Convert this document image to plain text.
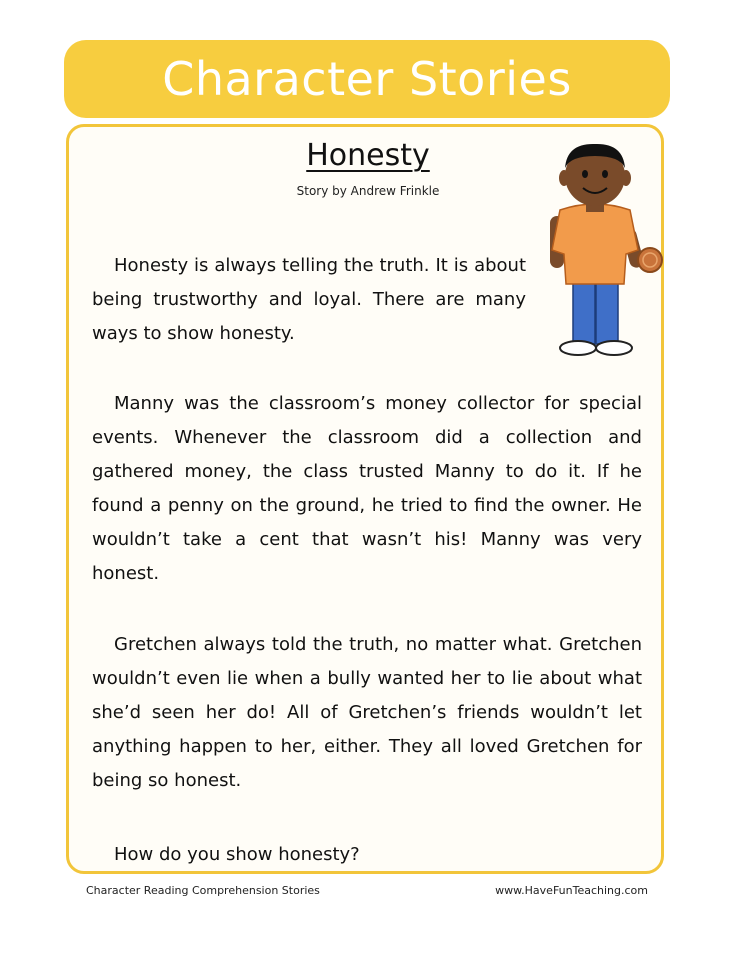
Character Stories
Honesty
Story by Andrew Frinkle

Honesty is always telling the truth. It is about being trustworthy and loyal. There are many ways to show honesty.

Manny was the classroom’s money collector for special events. Whenever the classroom did a collection and gathered money, the class trusted Manny to do it. If he found a penny on the ground, he tried to find the owner. He wouldn’t take a cent that wasn’t his! Manny was very honest.

Gretchen always told the truth, no matter what. Gretchen wouldn’t even lie when a bully wanted her to lie about what she’d seen her do! All of Gretchen’s friends wouldn’t let anything happen to her, either. They all loved Gretchen for being so honest.

How do you show honesty?

Character Reading Comprehension Stories	www.HaveFunTeaching.com
